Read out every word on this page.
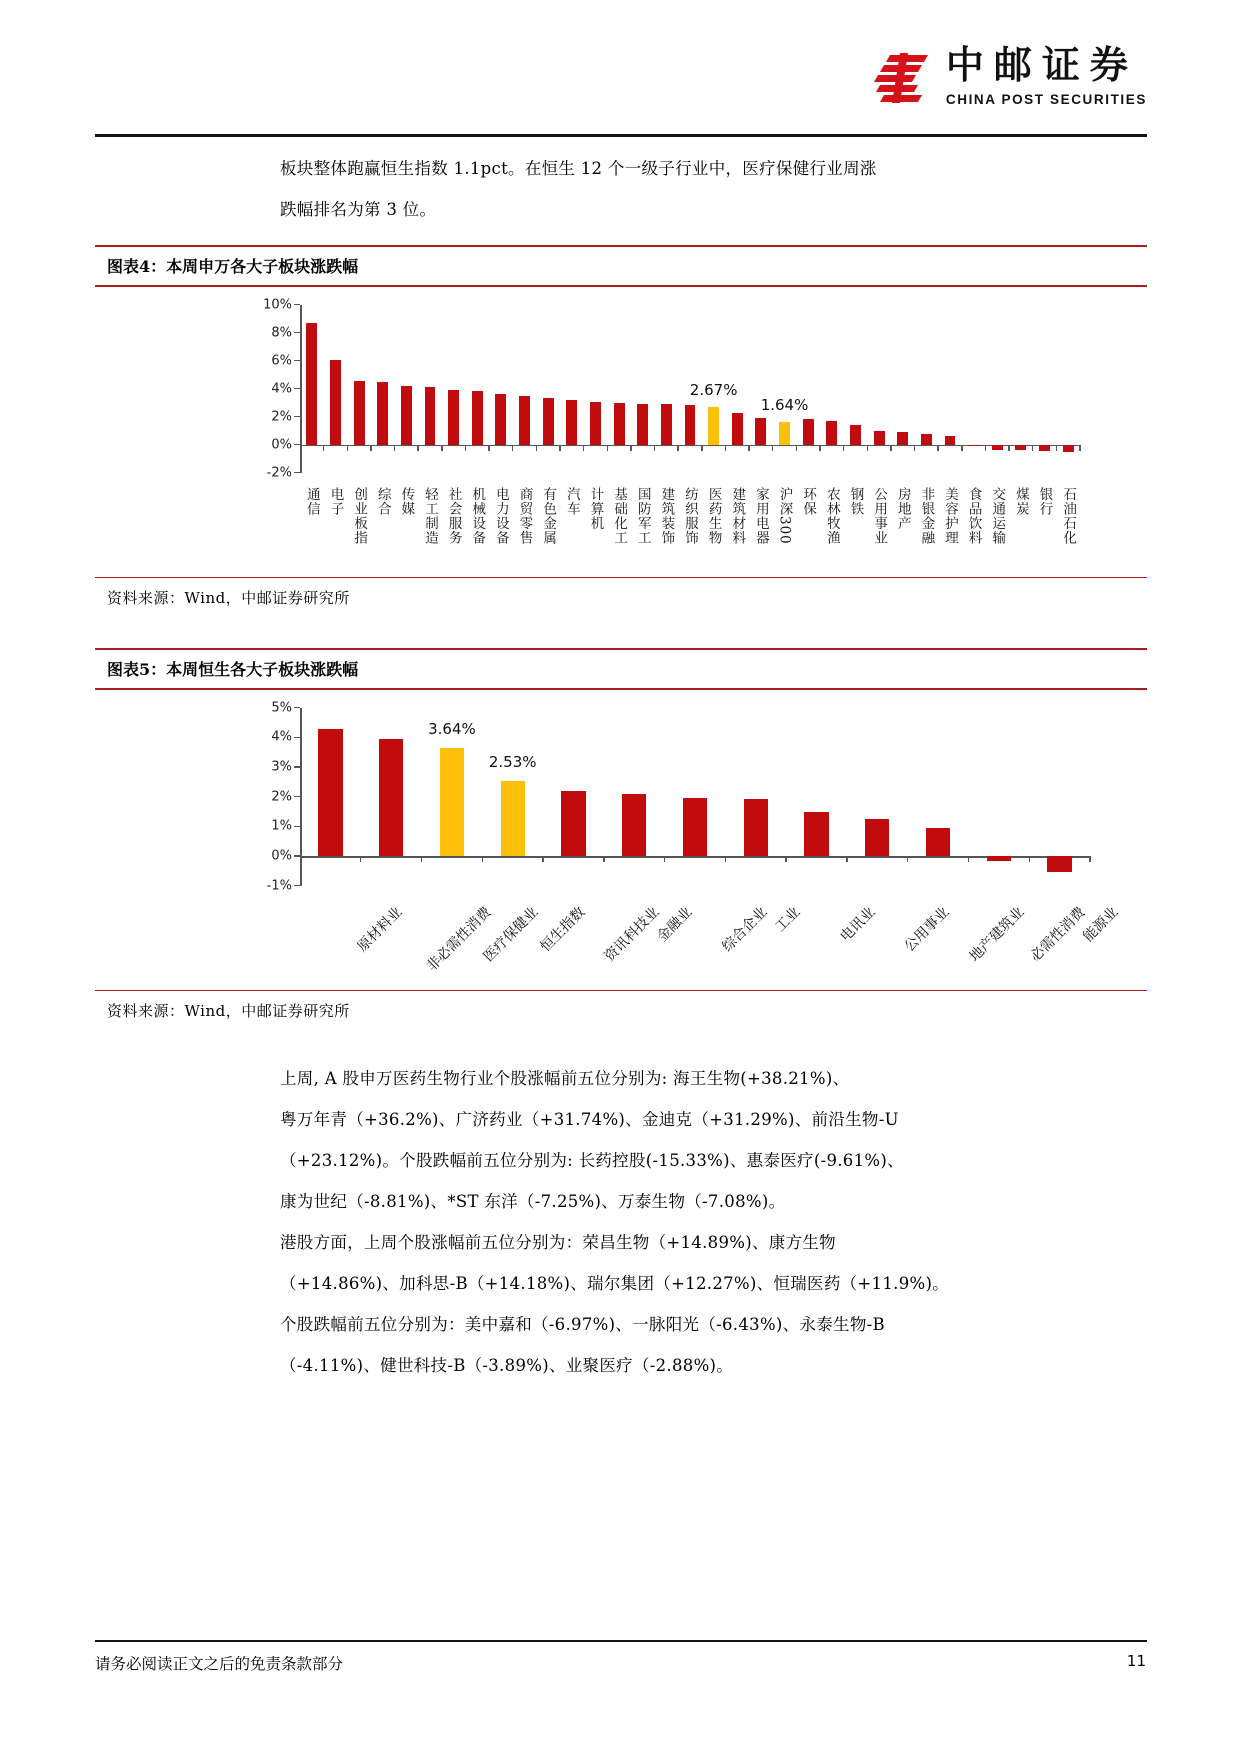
中邮证券
CHINA POST SECURITIES
板块整体跑赢恒生指数 1.1pct。在恒生 12 个一级子行业中，医疗保健行业周涨
跌幅排名为第 3 位。
图表4：本周申万各大子板块涨跌幅
-2%
0%
2%
4%
6%
8%
10%
通信 电子 创业板指 综合 传媒 轻工制造 社会服务 机械设备 电力设备 商贸零售 有色金属 汽车 计算机 基础化工 国防军工 建筑装饰 纺织服饰
2.67%
医药生物 建筑材料 家用电器
1.64%
沪深300 环保 农林牧渔 钢铁 公用事业 房地产 非银金融 美容护理 食品饮料 交通运输 煤炭 银行 石油石化
资料来源：Wind，中邮证券研究所
图表5：本周恒生各大子板块涨跌幅
-1%
0%
1%
2%
3%
4%
5%
原材料业 非必需性消费
3.64%
医疗保健业
2.53%
恒生指数 资讯科技业
金融业 综合企业 工业 电讯业 公用事业 地产建筑业 必需性消费
能源业
资料来源：Wind，中邮证券研究所
上周, A 股申万医药生物行业个股涨幅前五位分别为: 海王生物(+38.21%)、
粤万年青（+36.2%)、广济药业（+31.74%)、金迪克（+31.29%)、前沿生物-U
（+23.12%)。个股跌幅前五位分别为: 长药控股(-15.33%)、惠泰医疗(-9.61%)、
康为世纪（-8.81%)、*ST 东洋（-7.25%)、万泰生物（-7.08%)。
港股方面，上周个股涨幅前五位分别为：荣昌生物（+14.89%)、康方生物
（+14.86%)、加科思-B（+14.18%)、瑞尔集团（+12.27%)、恒瑞医药（+11.9%)。
个股跌幅前五位分别为：美中嘉和（-6.97%)、一脉阳光（-6.43%)、永泰生物-B
（-4.11%)、健世科技-B（-3.89%)、业聚医疗（-2.88%)。
请务必阅读正文之后的免责条款部分	11
